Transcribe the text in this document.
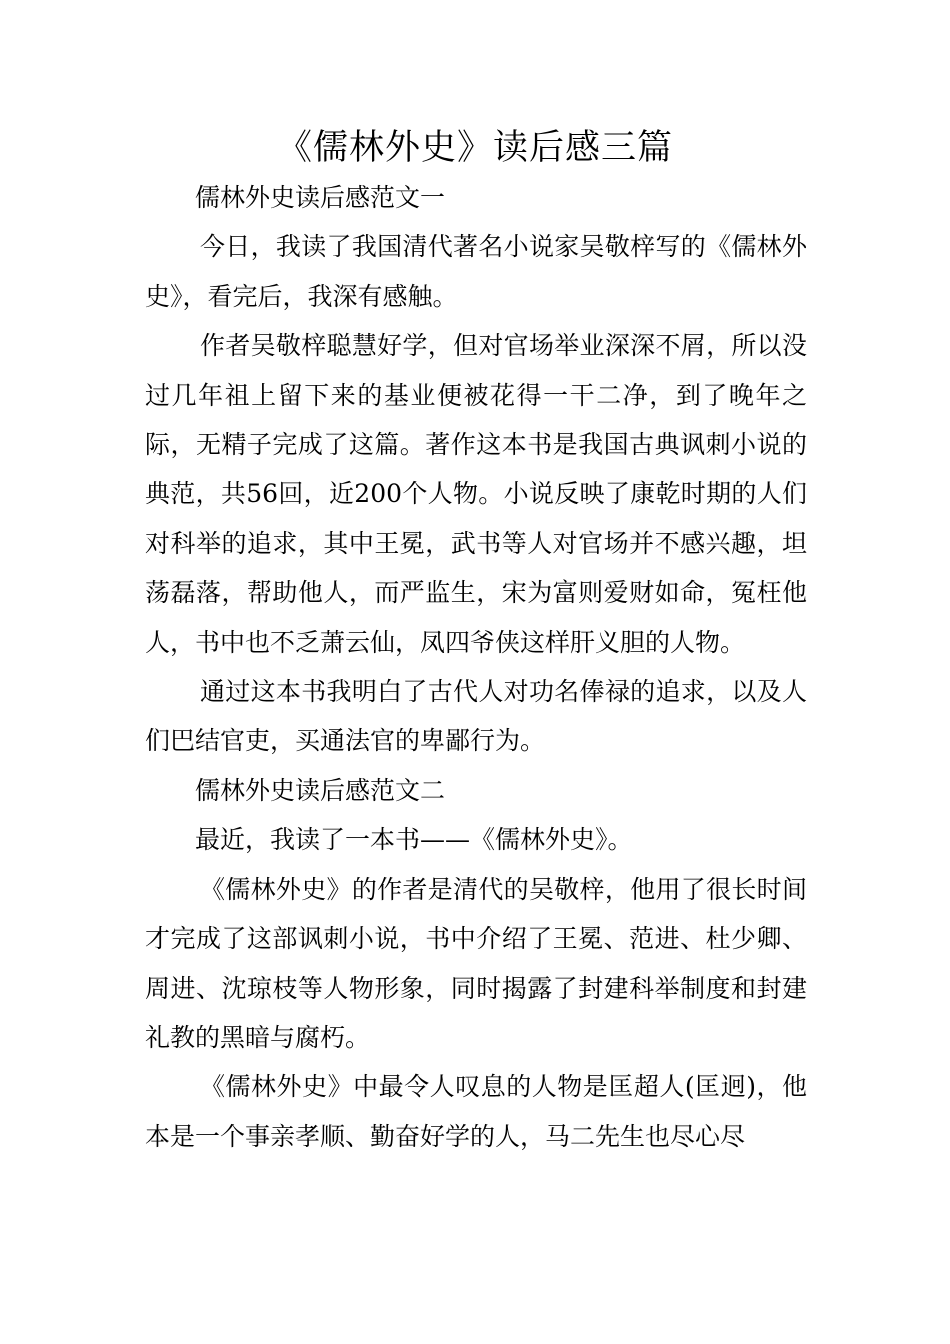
《儒林外史》读后感三篇

儒林外史读后感范文一

今日，我读了我国清代著名小说家吴敬梓写的《儒林外史》，看完后，我深有感触。

作者吴敬梓聪慧好学，但对官场举业深深不屑，所以没过几年祖上留下来的基业便被花得一干二净，到了晚年之际，无精子完成了这篇。著作这本书是我国古典讽刺小说的典范，共56回，近200个人物。小说反映了康乾时期的人们对科举的追求，其中王冕，武书等人对官场并不感兴趣，坦荡磊落，帮助他人，而严监生，宋为富则爱财如命，冤枉他人，书中也不乏萧云仙，凤四爷侠这样肝义胆的人物。

通过这本书我明白了古代人对功名俸禄的追求，以及人们巴结官吏，买通法官的卑鄙行为。

儒林外史读后感范文二

最近，我读了一本书——《儒林外史》。

《儒林外史》的作者是清代的吴敬梓，他用了很长时间才完成了这部讽刺小说，书中介绍了王冕、范进、杜少卿、周进、沈琼枝等人物形象，同时揭露了封建科举制度和封建礼教的黑暗与腐朽。

《儒林外史》中最令人叹息的人物是匡超人(匡迥)，他本是一个事亲孝顺、勤奋好学的人，马二先生也尽心尽
